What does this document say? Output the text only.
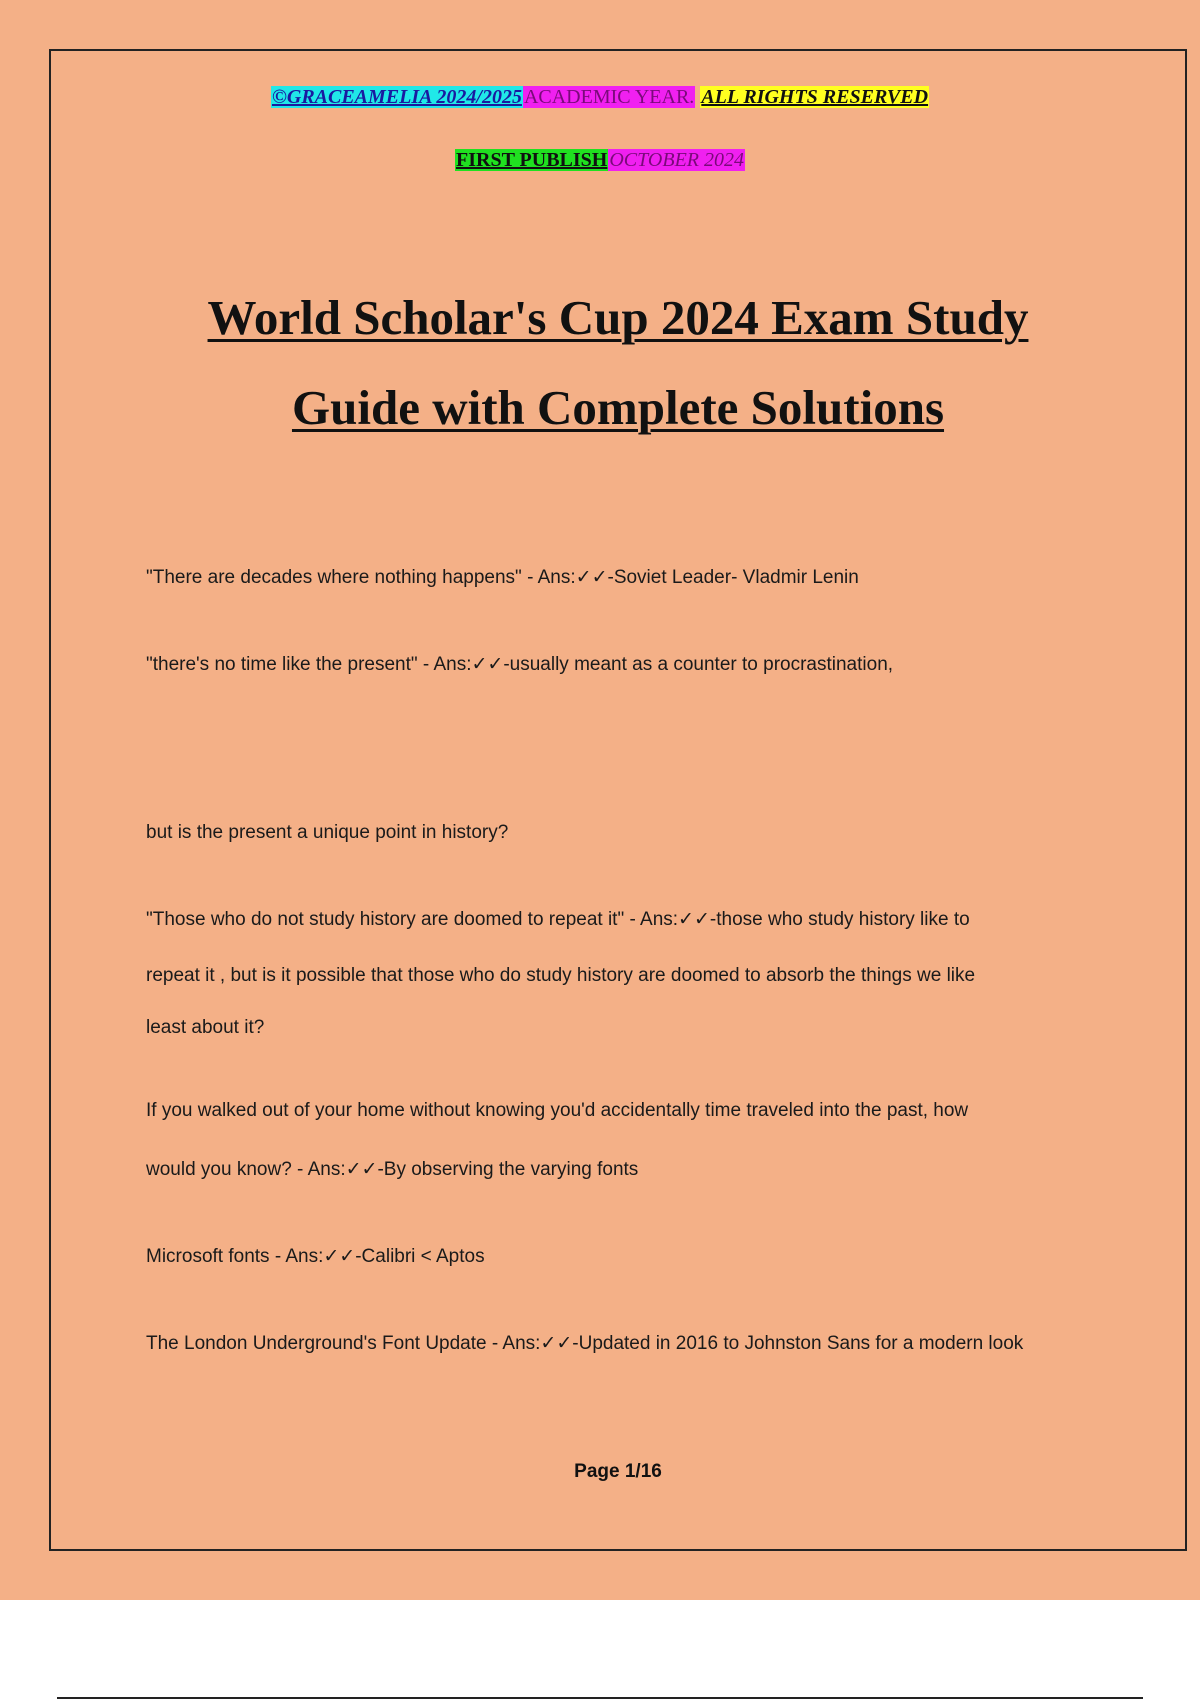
©GRACEAMELIA 2024/2025 ACADEMIC YEAR. ALL RIGHTS RESERVED
FIRST PUBLISH OCTOBER 2024
World Scholar's Cup 2024 Exam Study
Guide with Complete Solutions
"There are decades where nothing happens" - Ans:✓✓-Soviet Leader- Vladmir Lenin
"there's no time like the present" - Ans:✓✓-usually meant as a counter to procrastination,
but is the present a unique point in history?
"Those who do not study history are doomed to repeat it" - Ans:✓✓-those who study history like to
repeat it , but is it possible that those who do study history are doomed to absorb the things we like
least about it?
If you walked out of your home without knowing you'd accidentally time traveled into the past, how
would you know? - Ans:✓✓-By observing the varying fonts
Microsoft fonts - Ans:✓✓-Calibri < Aptos
The London Underground's Font Update - Ans:✓✓-Updated in 2016 to Johnston Sans for a modern look
Page 1/16
